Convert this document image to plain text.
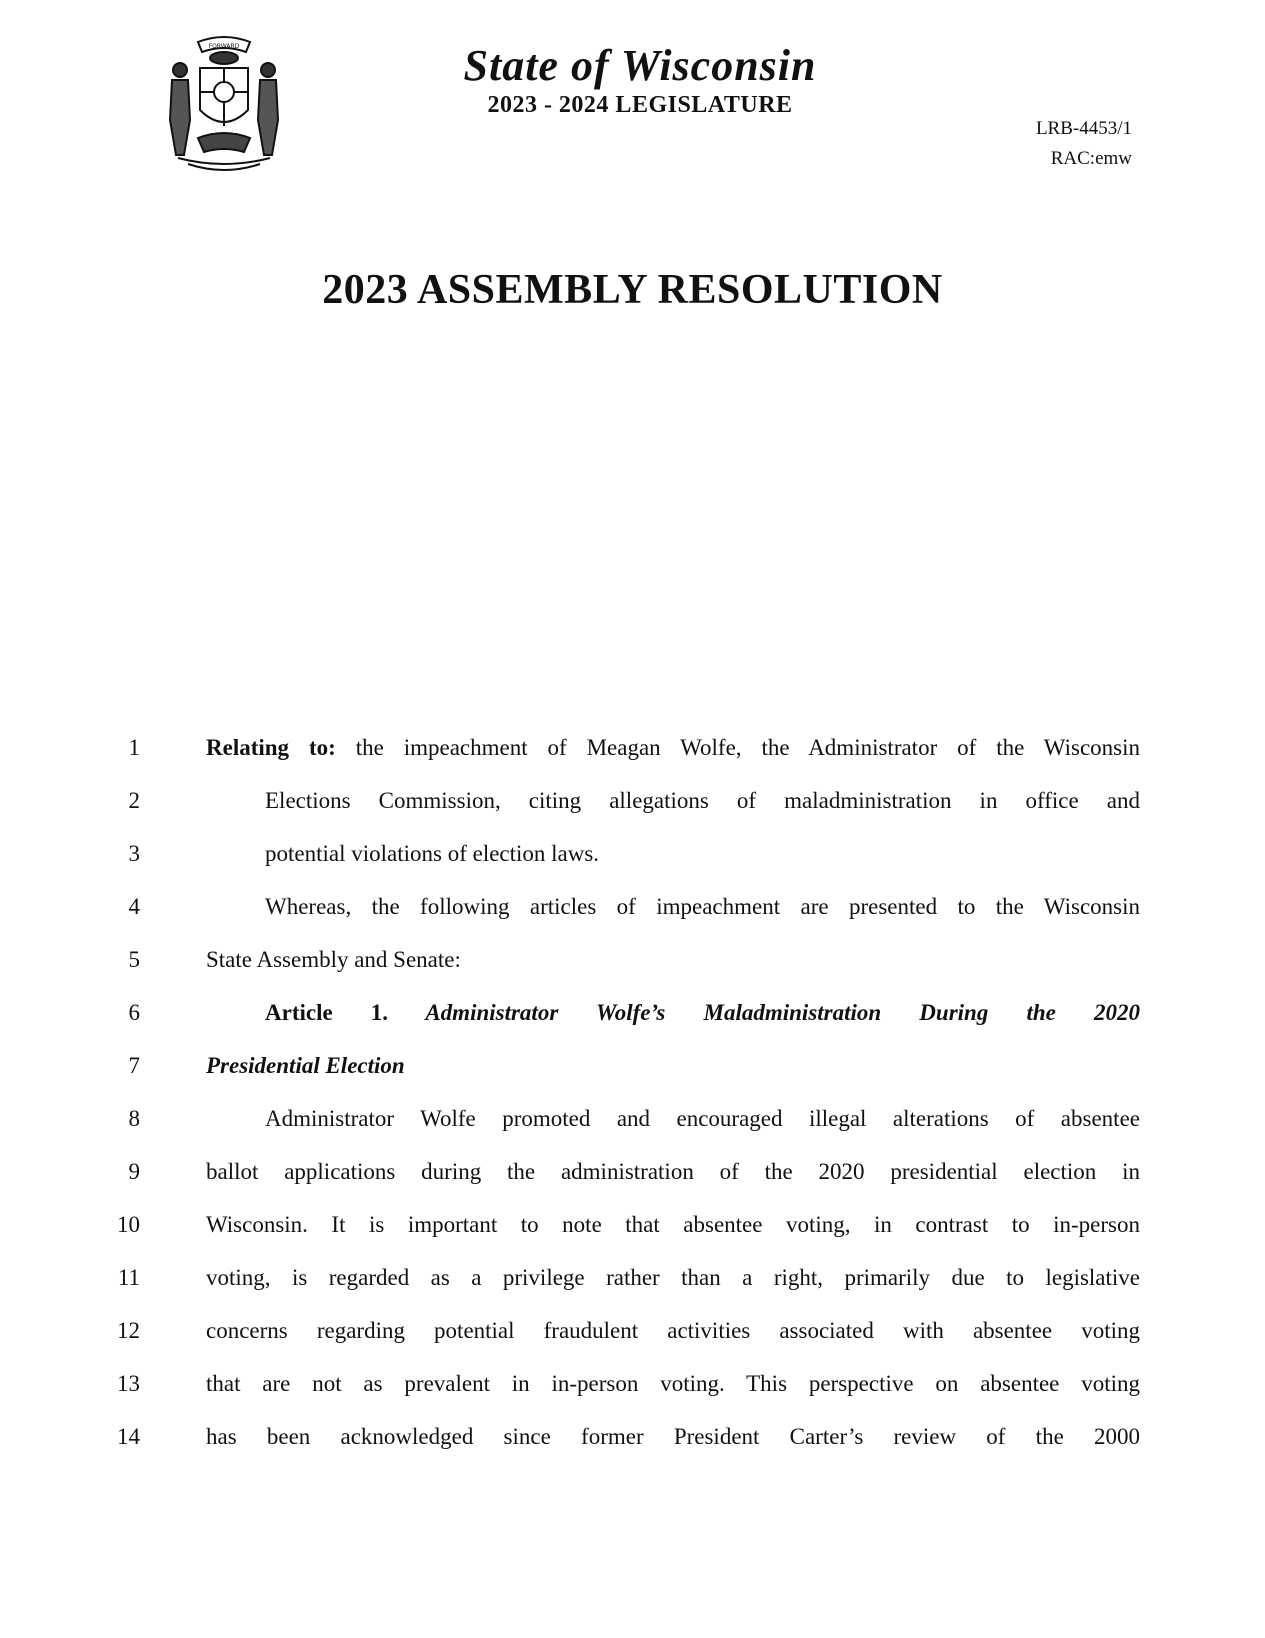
FORWARD	State of Wisconsin
2023 - 2024 LEGISLATURE
LRB-4453/1
RAC:emw
2023 ASSEMBLY RESOLUTION
1	Relating to: the impeachment of Meagan Wolfe, the Administrator of the Wisconsin
2	Elections Commission, citing allegations of maladministration in office and
3	potential violations of election laws.
4	Whereas, the following articles of impeachment are presented to the Wisconsin
5	State Assembly and Senate:
6	Article 1. Administrator Wolfe’s Maladministration During the 2020
7	Presidential Election
8	Administrator Wolfe promoted and encouraged illegal alterations of absentee
9	ballot applications during the administration of the 2020 presidential election in
10	Wisconsin. It is important to note that absentee voting, in contrast to in-person
11	voting, is regarded as a privilege rather than a right, primarily due to legislative
12	concerns regarding potential fraudulent activities associated with absentee voting
13	that are not as prevalent in in-person voting. This perspective on absentee voting
14	has been acknowledged since former President Carter’s review of the 2000
